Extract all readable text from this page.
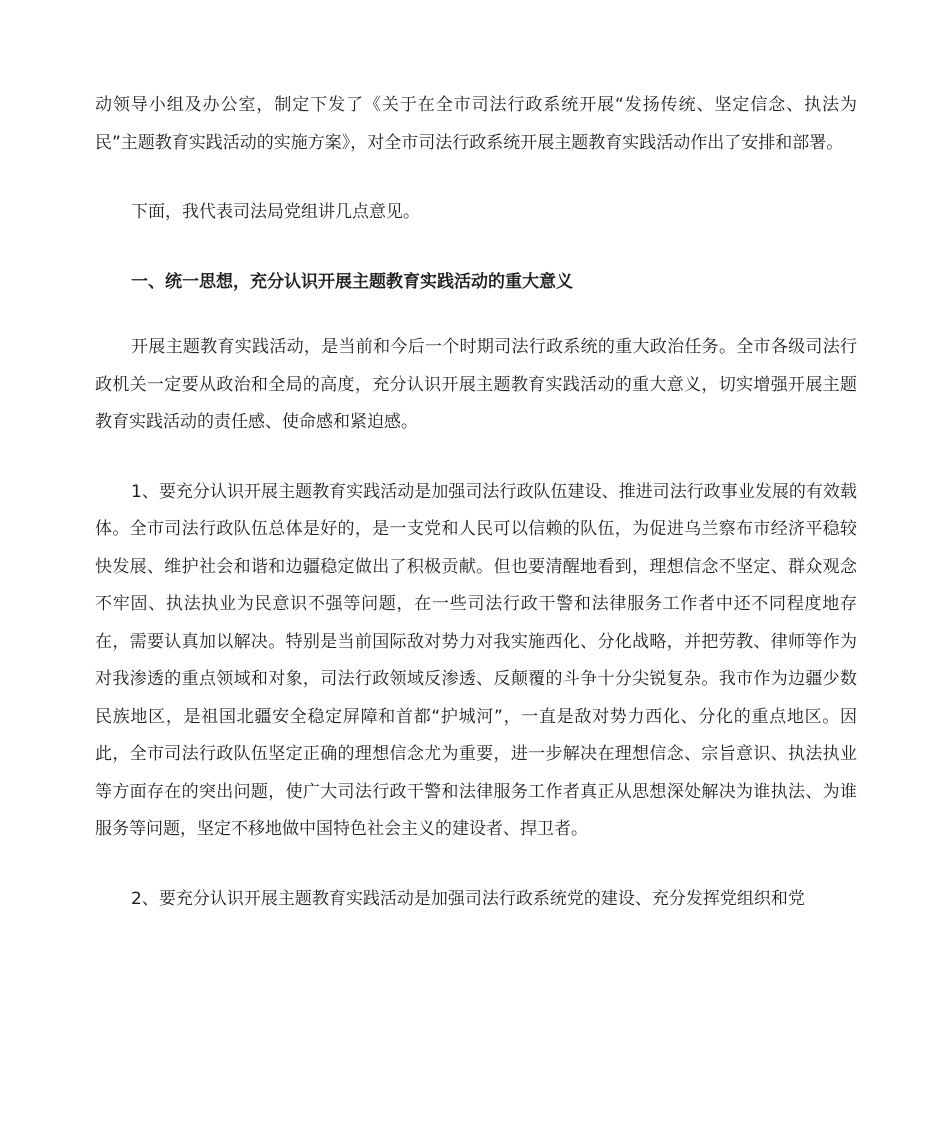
动领导小组及办公室，制定下发了《关于在全市司法行政系统开展“发扬传统、坚定信念、执法为民”主题教育实践活动的实施方案》，对全市司法行政系统开展主题教育实践活动作出了安排和部署。

下面，我代表司法局党组讲几点意见。

一、统一思想，充分认识开展主题教育实践活动的重大意义

开展主题教育实践活动，是当前和今后一个时期司法行政系统的重大政治任务。全市各级司法行政机关一定要从政治和全局的高度，充分认识开展主题教育实践活动的重大意义，切实增强开展主题教育实践活动的责任感、使命感和紧迫感。

1、要充分认识开展主题教育实践活动是加强司法行政队伍建设、推进司法行政事业发展的有效载体。全市司法行政队伍总体是好的，是一支党和人民可以信赖的队伍，为促进乌兰察布市经济平稳较快发展、维护社会和谐和边疆稳定做出了积极贡献。但也要清醒地看到，理想信念不坚定、群众观念不牢固、执法执业为民意识不强等问题，在一些司法行政干警和法律服务工作者中还不同程度地存在，需要认真加以解决。特别是当前国际敌对势力对我实施西化、分化战略，并把劳教、律师等作为对我渗透的重点领域和对象，司法行政领域反渗透、反颠覆的斗争十分尖锐复杂。我市作为边疆少数民族地区，是祖国北疆安全稳定屏障和首都“护城河”，一直是敌对势力西化、分化的重点地区。因此，全市司法行政队伍坚定正确的理想信念尤为重要，进一步解决在理想信念、宗旨意识、执法执业等方面存在的突出问题，使广大司法行政干警和法律服务工作者真正从思想深处解决为谁执法、为谁服务等问题，坚定不移地做中国特色社会主义的建设者、捍卫者。

2、要充分认识开展主题教育实践活动是加强司法行政系统党的建设、充分发挥党组织和党
